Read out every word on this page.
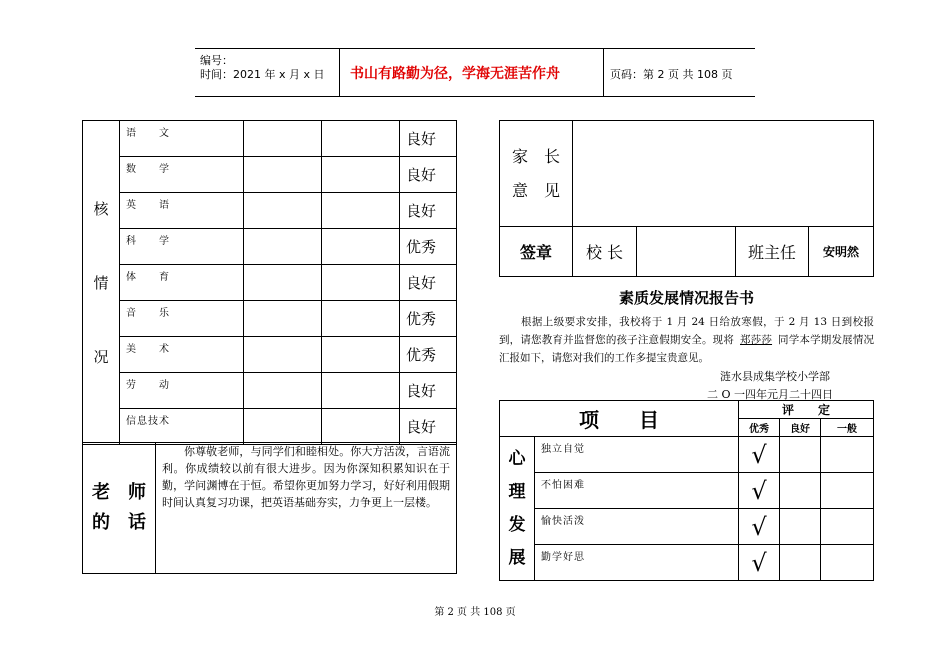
编号：
时间：2021 年 x 月 x 日 书山有路勤为径，学海无涯苦作舟	页码：第 2 页 共 108 页
核
情
况	语　　文			良好
	数　　学			良好
	英　　语			良好
	科　　学			优秀
	体　　育			良好
	音　　乐			优秀
	美　　术			优秀
	劳　　动			良好
	信息技术			良好
老　师
的　话
	你尊敬老师，与同学们和睦相处。你大方活泼，言语流利。你成绩较以前有很大进步。因为你深知积累知识在于勤，学问渊博在于恒。希望你更加努力学习，好好利用假期时间认真复习功课，把英语基础夯实，力争更上一层楼。
家　长
意　见				

签章	校 长		班主任	安明然
素质发展情况报告书
根据上级要求安排，我校将于 1 月 24 日给放寒假，于 2 月 13 日到校报到，请您教育并监督您的孩子注意假期安全。现将 郑莎莎 同学本学期发展情况汇报如下，请您对我们的工作多提宝贵意见。
涟水县成集学校小学部
二 O 一四年元月二十四日
项　　目		评　　定		
		优秀	良好	一般

心
理
发
展	独立自觉	√		
	不怕困难	√		
	愉快活泼	√		
	勤学好思	√		
第 2 页 共 108 页
